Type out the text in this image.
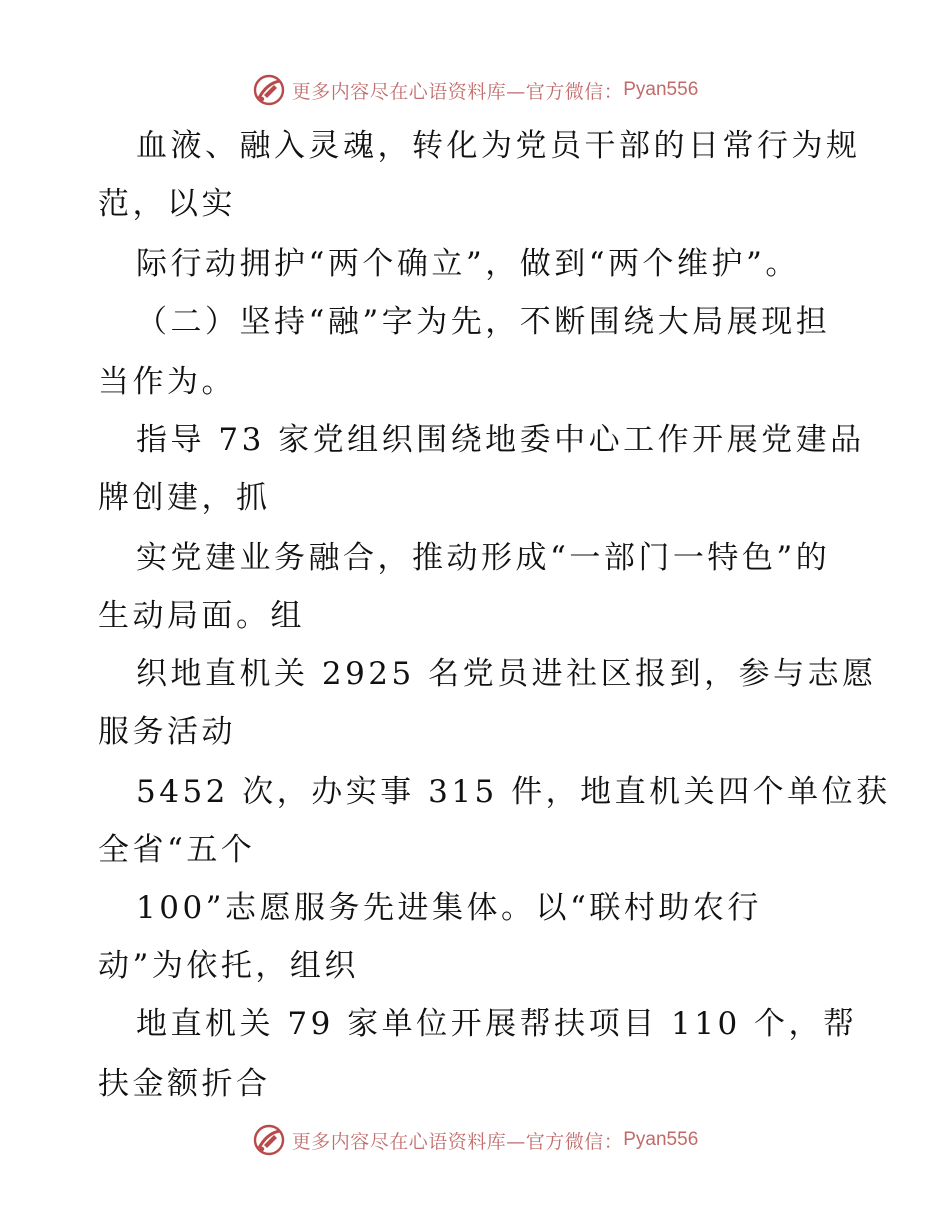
更多内容尽在心语资料库—官方微信： Pyan556
血液、融入灵魂，转化为党员干部的日常行为规
范，以实
际行动拥护“两个确立”，做到“两个维护”。
（二）坚持“融”字为先，不断围绕大局展现担
当作为。
指导 73 家党组织围绕地委中心工作开展党建品
牌创建，抓
实党建业务融合，推动形成“一部门一特色”的
生动局面。组
织地直机关 2925 名党员进社区报到，参与志愿
服务活动
5452 次，办实事 315 件，地直机关四个单位获
全省“五个
100”志愿服务先进集体。以“联村助农行
动”为依托，组织
地直机关 79 家单位开展帮扶项目 110 个，帮
扶金额折合
更多内容尽在心语资料库—官方微信： Pyan556
